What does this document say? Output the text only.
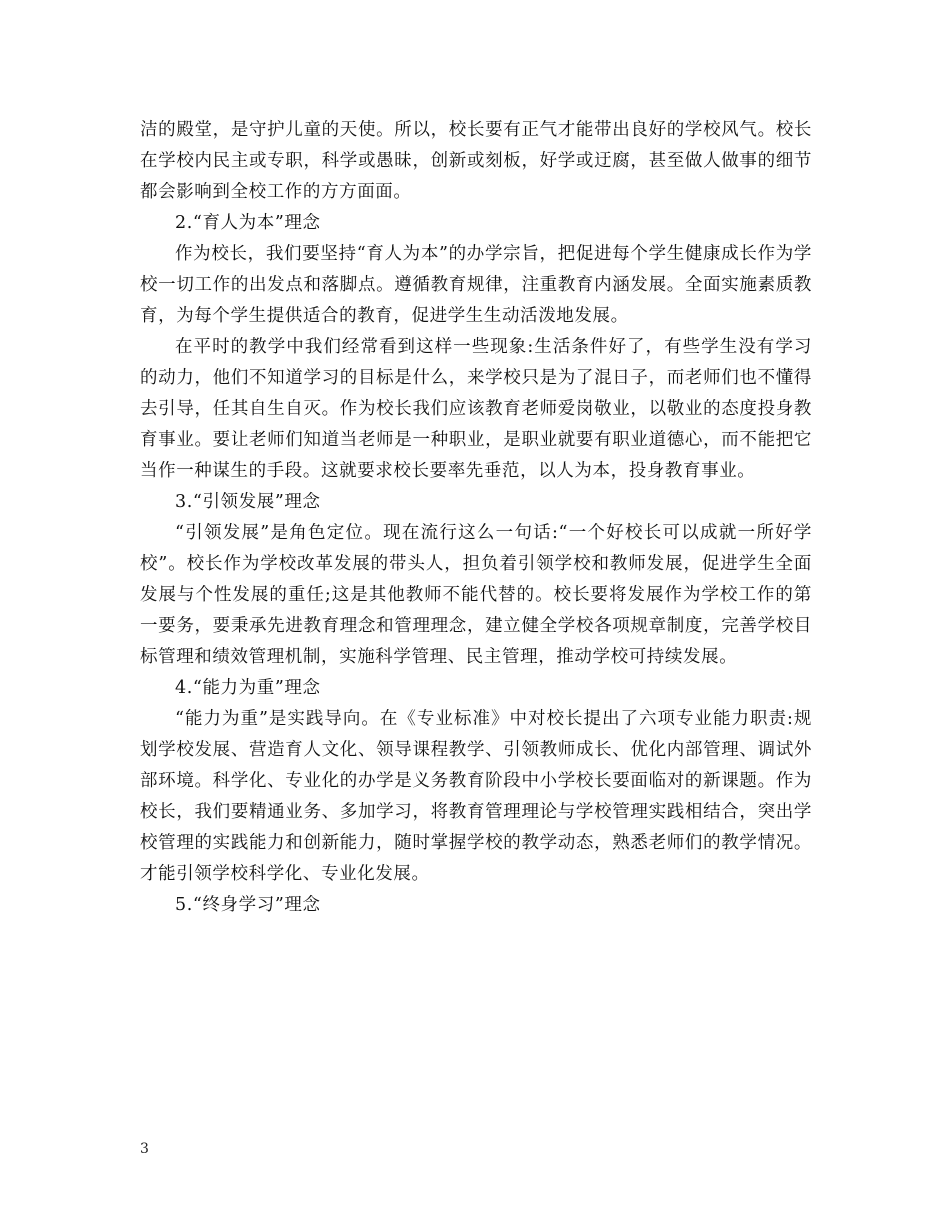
洁的殿堂，是守护儿童的天使。所以，校长要有正气才能带出良好的学校风气。校长在学校内民主或专职，科学或愚昧，创新或刻板，好学或迂腐，甚至做人做事的细节都会影响到全校工作的方方面面。

2.“育人为本”理念

作为校长，我们要坚持“育人为本”的办学宗旨，把促进每个学生健康成长作为学校一切工作的出发点和落脚点。遵循教育规律，注重教育内涵发展。全面实施素质教育，为每个学生提供适合的教育，促进学生生动活泼地发展。

在平时的教学中我们经常看到这样一些现象:生活条件好了，有些学生没有学习的动力，他们不知道学习的目标是什么，来学校只是为了混日子，而老师们也不懂得去引导，任其自生自灭。作为校长我们应该教育老师爱岗敬业，以敬业的态度投身教育事业。要让老师们知道当老师是一种职业，是职业就要有职业道德心，而不能把它当作一种谋生的手段。这就要求校长要率先垂范，以人为本，投身教育事业。

3.“引领发展”理念

“引领发展”是角色定位。现在流行这么一句话:“一个好校长可以成就一所好学校”。校长作为学校改革发展的带头人，担负着引领学校和教师发展，促进学生全面发展与个性发展的重任;这是其他教师不能代替的。校长要将发展作为学校工作的第一要务，要秉承先进教育理念和管理理念，建立健全学校各项规章制度，完善学校目标管理和绩效管理机制，实施科学管理、民主管理，推动学校可持续发展。

4.“能力为重”理念

“能力为重”是实践导向。在《专业标准》中对校长提出了六项专业能力职责:规划学校发展、营造育人文化、领导课程教学、引领教师成长、优化内部管理、调试外部环境。科学化、专业化的办学是义务教育阶段中小学校长要面临对的新课题。作为校长，我们要精通业务、多加学习，将教育管理理论与学校管理实践相结合，突出学校管理的实践能力和创新能力，随时掌握学校的教学动态，熟悉老师们的教学情况。才能引领学校科学化、专业化发展。

5.“终身学习”理念

3
